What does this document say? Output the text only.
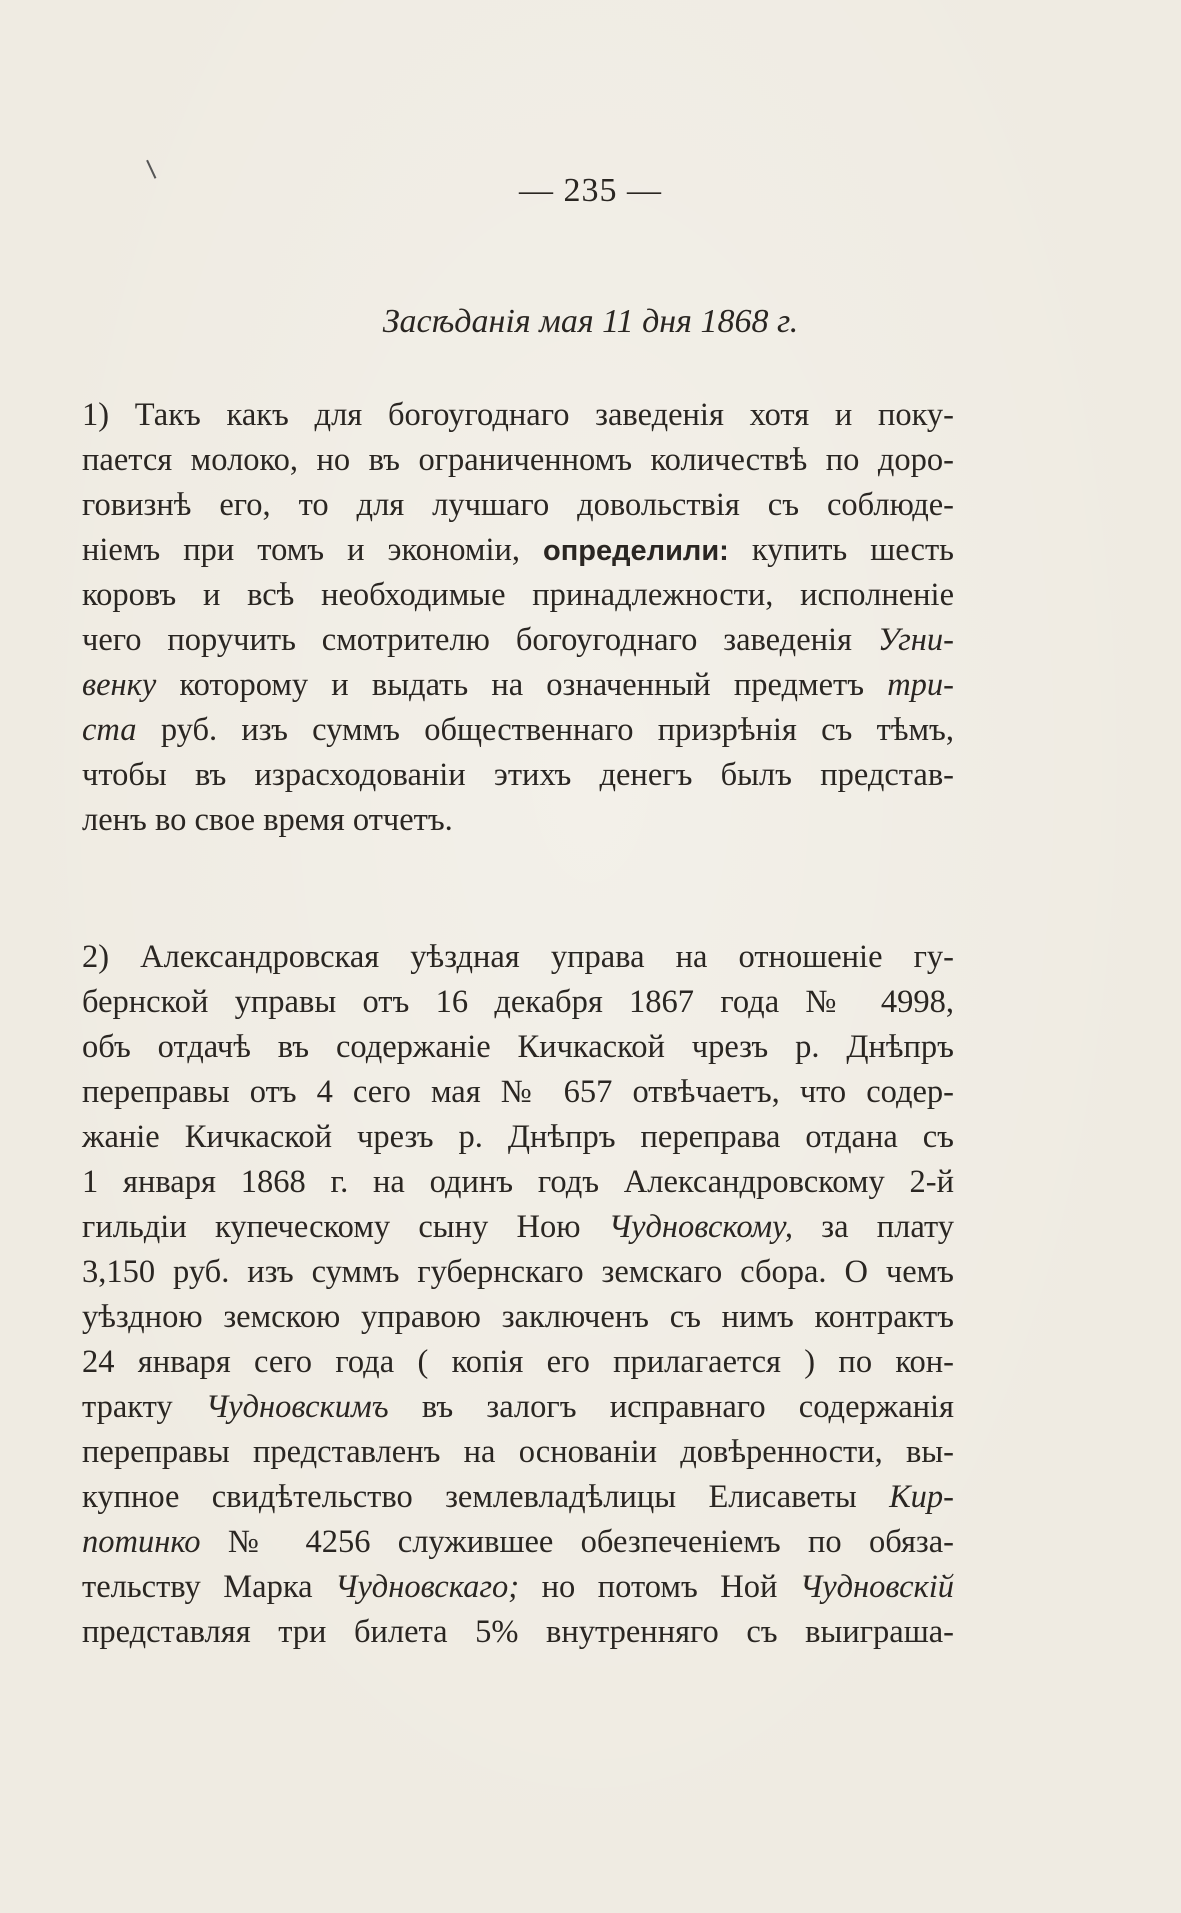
— 235 —
Засѣданія мая 11 дня 1868 г.
1) Такъ какъ для богоугоднаго заведенія хотя и поку-
пается молоко, но въ ограниченномъ количествѣ по доро-
говизнѣ его, то для лучшаго довольствія съ соблюде-
ніемъ при томъ и экономіи, определили: купить шесть
коровъ и всѣ необходимые принадлежности, исполненіе
чего поручить смотрителю богоугоднаго заведенія Угни-
венку которому и выдать на означенный предметъ три-
ста руб. изъ суммъ общественнаго призрѣнія съ тѣмъ,
чтобы въ израсходованіи этихъ денегъ былъ представ-
ленъ во свое время отчетъ.
2) Александровская уѣздная управа на отношеніе гу-
бернской управы отъ 16 декабря 1867 года № 4998,
объ отдачѣ въ содержаніе Кичкаской чрезъ р. Днѣпръ
переправы отъ 4 сего мая № 657 отвѣчаетъ, что содер-
жаніе Кичкаской чрезъ р. Днѣпръ переправа отдана съ
1 января 1868 г. на одинъ годъ Александровскому 2-й
гильдіи купеческому сыну Ною Чудновскому, за плату
3,150 руб. изъ суммъ губернскаго земскаго сбора. О чемъ
уѣздною земскою управою заключенъ съ нимъ контрактъ
24 января сего года ( копія его прилагается ) по кон-
тракту Чудновскимъ въ залогъ исправнаго содержанія
переправы представленъ на основаніи довѣренности, вы-
купное свидѣтельство землевладѣлицы Елисаветы Кир-
потинко № 4256 служившее обезпеченіемъ по обяза-
тельству Марка Чудновскаго; но потомъ Ной Чудновскій
представляя три билета 5% внутренняго съ выиграша-
